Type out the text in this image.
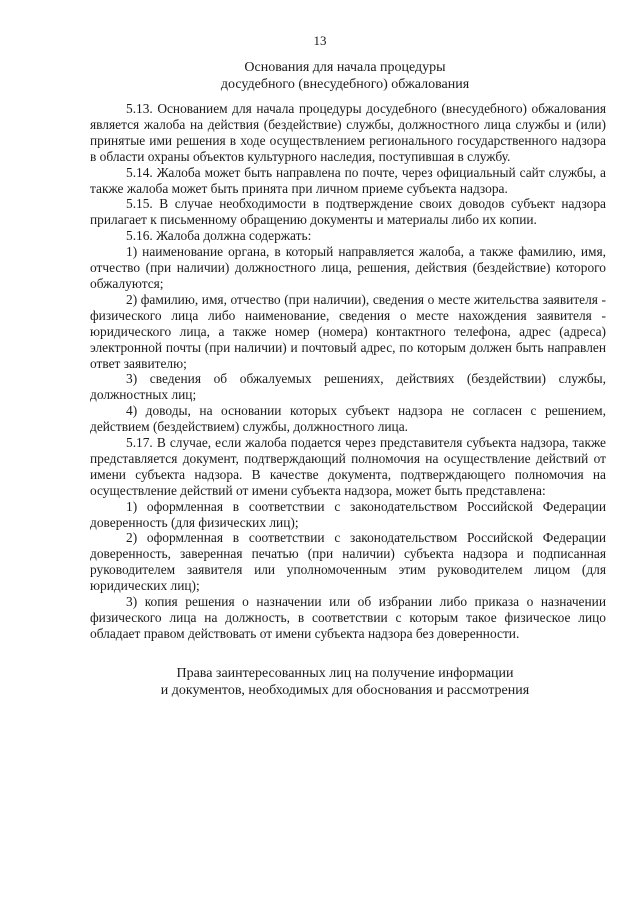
13
Основания для начала процедуры
досудебного (внесудебного) обжалования

5.13. Основанием для начала процедуры досудебного (внесудебного) обжалования является жалоба на действия (бездействие) службы, должностного лица службы и (или) принятые ими решения в ходе осуществлением регионального государственного надзора в области охраны объектов культурного наследия, поступившая в службу.

5.14. Жалоба может быть направлена по почте, через официальный сайт службы, а также жалоба может быть принята при личном приеме субъекта надзора.

5.15. В случае необходимости в подтверждение своих доводов субъект надзора прилагает к письменному обращению документы и материалы либо их копии.

5.16. Жалоба должна содержать:

1) наименование органа, в который направляется жалоба, а также фамилию, имя, отчество (при наличии) должностного лица, решения, действия (бездействие) которого обжалуются;

2) фамилию, имя, отчество (при наличии), сведения о месте жительства заявителя - физического лица либо наименование, сведения о месте нахождения заявителя - юридического лица, а также номер (номера) контактного телефона, адрес (адреса) электронной почты (при наличии) и почтовый адрес, по которым должен быть направлен ответ заявителю;

3) сведения об обжалуемых решениях, действиях (бездействии) службы, должностных лиц;

4) доводы, на основании которых субъект надзора не согласен с решением, действием (бездействием) службы, должностного лица.

5.17. В случае, если жалоба подается через представителя субъекта надзора, также представляется документ, подтверждающий полномочия на осуществление действий от имени субъекта надзора. В качестве документа, подтверждающего полномочия на осуществление действий от имени субъекта надзора, может быть представлена:

1) оформленная в соответствии с законодательством Российской Федерации доверенность (для физических лиц);

2) оформленная в соответствии с законодательством Российской Федерации доверенность, заверенная печатью (при наличии) субъекта надзора и подписанная руководителем заявителя или уполномоченным этим руководителем лицом (для юридических лиц);

3) копия решения о назначении или об избрании либо приказа о назначении физического лица на должность, в соответствии с которым такое физическое лицо обладает правом действовать от имени субъекта надзора без доверенности.

Права заинтересованных лиц на получение информации
и документов, необходимых для обоснования и рассмотрения
